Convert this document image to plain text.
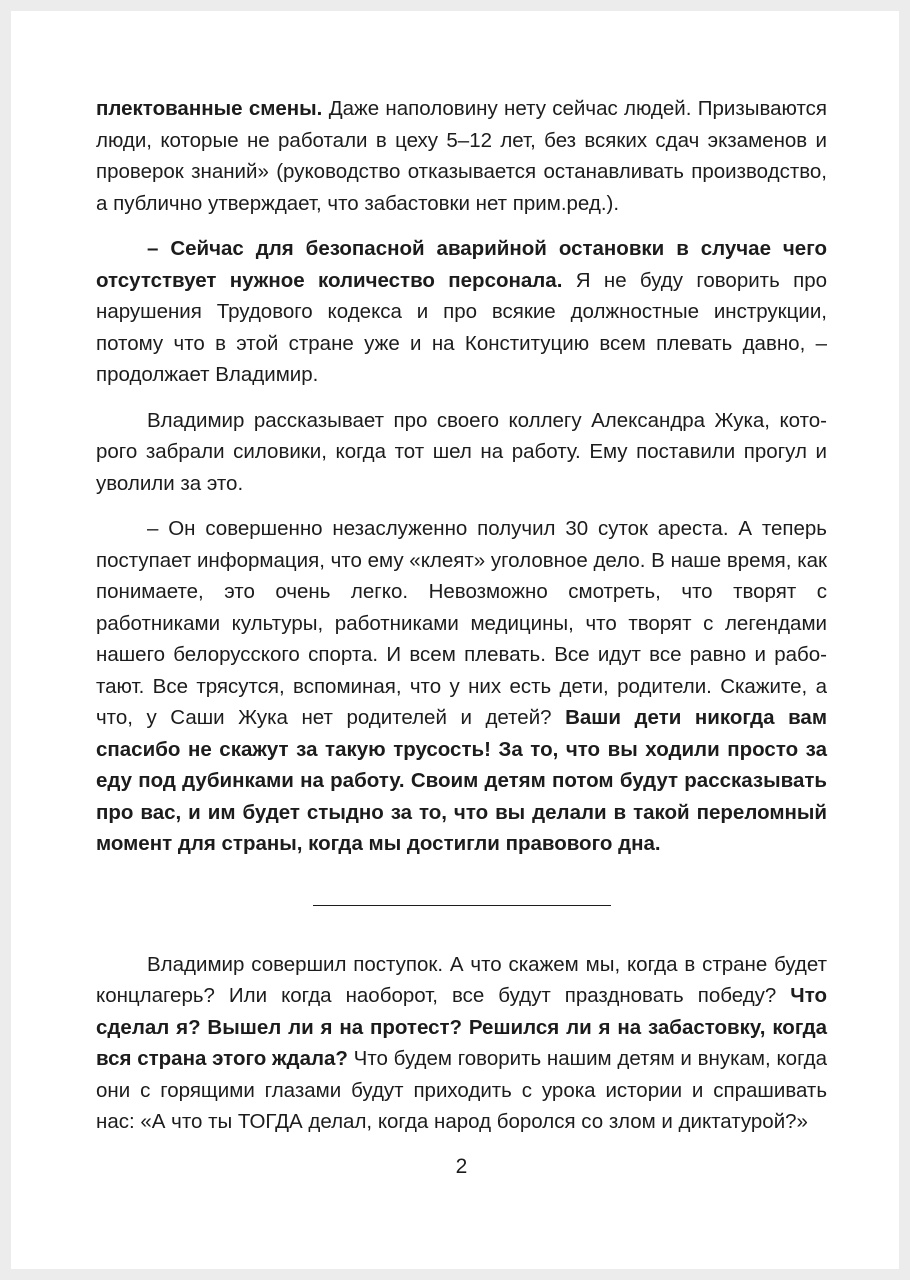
плектованные смены. Даже наполовину нету сейчас людей. Призываются люди, которые не работали в цеху 5–12 лет, без всяких сдач экзаменов и проверок знаний» (руководство отказывается останавливать производство, а публично утверждает, что забастовки нет прим.ред.).

– Сейчас для безопасной аварийной остановки в случае чего отсутствует нужное количество персонала. Я не буду говорить про нарушения Трудового кодекса и про всякие должностные инструкции, потому что в этой стране уже и на Конституцию всем плевать давно, – продолжает Владимир.

Владимир рассказывает про своего коллегу Александра Жука, которого забрали силовики, когда тот шел на работу. Ему поставили прогул и уволили за это.

– Он совершенно незаслуженно получил 30 суток ареста. А теперь поступает информация, что ему «клеят» уголовное дело. В наше время, как понимаете, это очень легко. Невозможно смотреть, что творят с работниками культуры, работниками медицины, что творят с легендами нашего белорусского спорта. И всем плевать. Все идут все равно и работают. Все трясутся, вспоминая, что у них есть дети, родители. Скажите, а что, у Саши Жука нет родителей и детей? Ваши дети никогда вам спасибо не скажут за такую трусость! За то, что вы ходили просто за еду под дубинками на работу. Своим детям потом будут рассказывать про вас, и им будет стыдно за то, что вы делали в такой переломный момент для страны, когда мы достигли правового дна.

Владимир совершил поступок. А что скажем мы, когда в стране будет концлагерь? Или когда наоборот, все будут праздновать победу? Что сделал я? Вышел ли я на протест? Решился ли я на забастовку, когда вся страна этого ждала? Что будем говорить нашим детям и внукам, когда они с горящими глазами будут приходить с урока истории и спрашивать нас: «А что ты ТОГДА делал, когда народ боролся со злом и диктатурой?»

2
